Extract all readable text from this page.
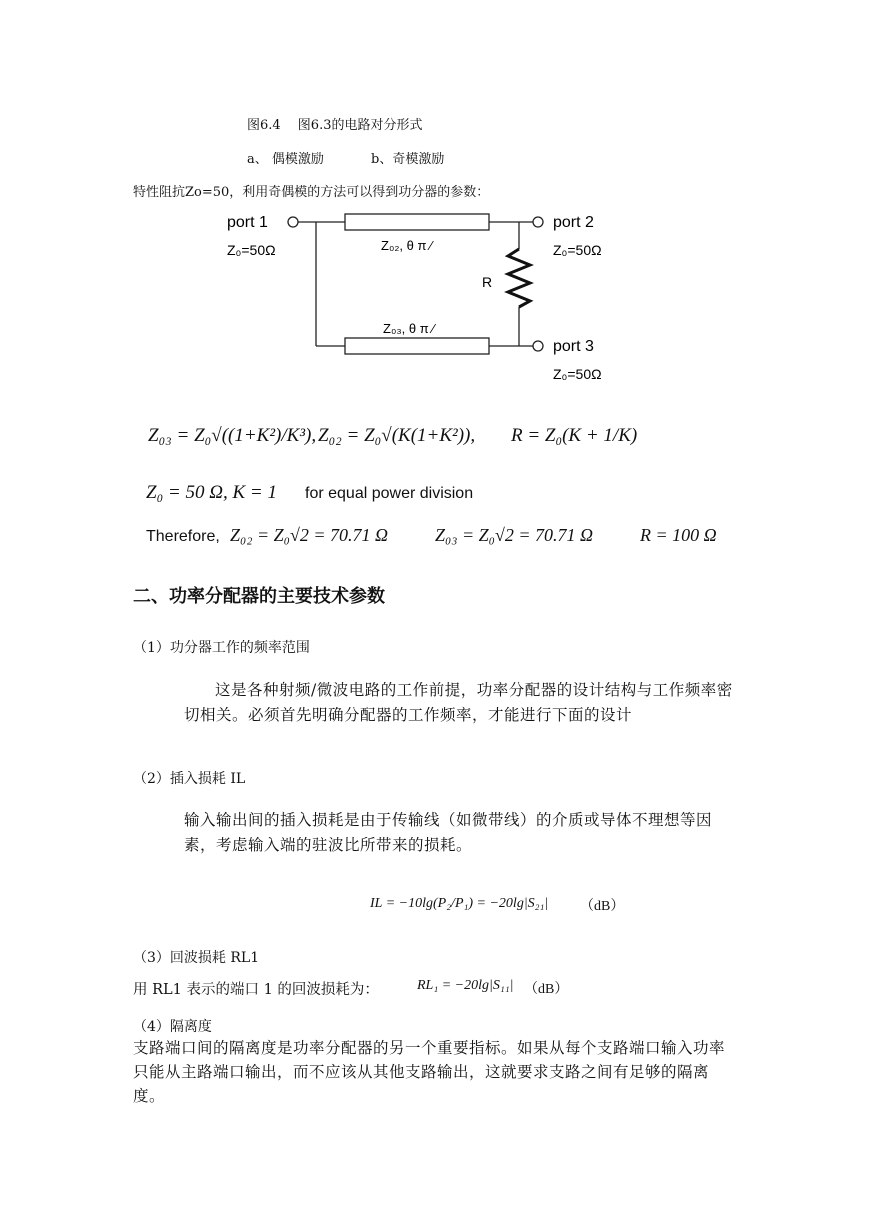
图6.4 　图6.3的电路对分形式
a、 偶模激励	b、奇模激励
特性阻抗Zo=50，利用奇偶模的方法可以得到功分器的参数：
port 1
Z₀=50Ω	Z₀₂, θ π ⁄
Z₀₃, θ π ⁄
R
port 2
Z₀=50Ω
port 3
Z₀=50Ω
Z₀₃ = Z₀√((1+K²)/K³), Z₀₂ = Z₀√(K(1+K²)), R = Z₀(K + 1/K)
Z₀ = 50 Ω, K = 1 for equal power division
Therefore, Z₀₂ = Z₀√2 = 70.71 Ω	Z₀₃ = Z₀√2 = 70.71 Ω	R = 100 Ω
二、功率分配器的主要技术参数
（1）功分器工作的频率范围
这是各种射频/微波电路的工作前提，功率分配器的设计结构与工作频率密切相关。必须首先明确分配器的工作频率，才能进行下面的设计
（2）插入损耗 IL
输入输出间的插入损耗是由于传输线（如微带线）的介质或导体不理想等因素，考虑输入端的驻波比所带来的损耗。
IL = −10lg(P₂/P₁) = −20lg|S₂₁| （dB）
（3）回波损耗 RL1
用 RL1 表示的端口 1 的回波损耗为：	RL₁ = −20lg|S₁₁| （dB）
（4）隔离度
支路端口间的隔离度是功率分配器的另一个重要指标。如果从每个支路端口输入功率只能从主路端口输出，而不应该从其他支路输出，这就要求支路之间有足够的隔离度。
